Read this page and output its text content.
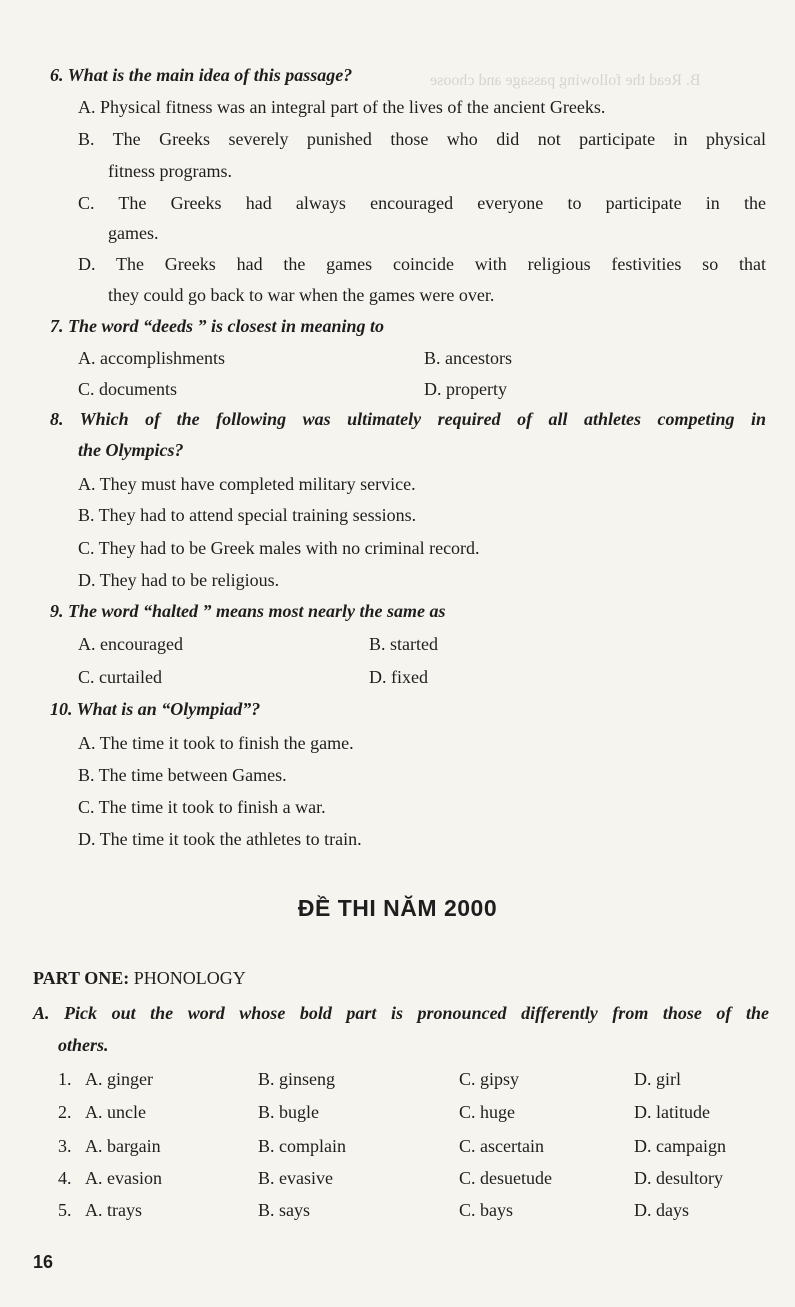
B. Read the following passage and choose
6. What is the main idea of this passage?
A. Physical fitness was an integral part of the lives of the ancient Greeks.
B. The Greeks severely punished those who did not participate in physical
fitness programs.
C. The Greeks had always encouraged everyone to participate in the
games.
D. The Greeks had the games coincide with religious festivities so that
they could go back to war when the games were over.
7. The word “deeds ” is closest in meaning to
A. accomplishments	B. ancestors
C. documents	D. property
8. Which of the following was ultimately required of all athletes competing in
the Olympics?
A. They must have completed military service.
B. They had to attend special training sessions.
C. They had to be Greek males with no criminal record.
D. They had to be religious.
9. The word “halted ” means most nearly the same as
A. encouraged	B. started
C. curtailed	D. fixed
10. What is an “Olympiad”?
A. The time it took to finish the game.
B. The time between Games.
C. The time it took to finish a war.
D. The time it took the athletes to train.
ĐỀ THI NĂM 2000
PART ONE: PHONOLOGY
A. Pick out the word whose bold part is pronounced differently from those of the
others.
1. A. ginger	B. ginseng	C. gipsy	D. girl
2. A. uncle	B. bugle	C. huge	D. latitude
3. A. bargain	B. complain	C. ascertain	D. campaign
4. A. evasion	B. evasive	C. desuetude	D. desultory
5. A. trays	B. says	C. bays	D. days
16
